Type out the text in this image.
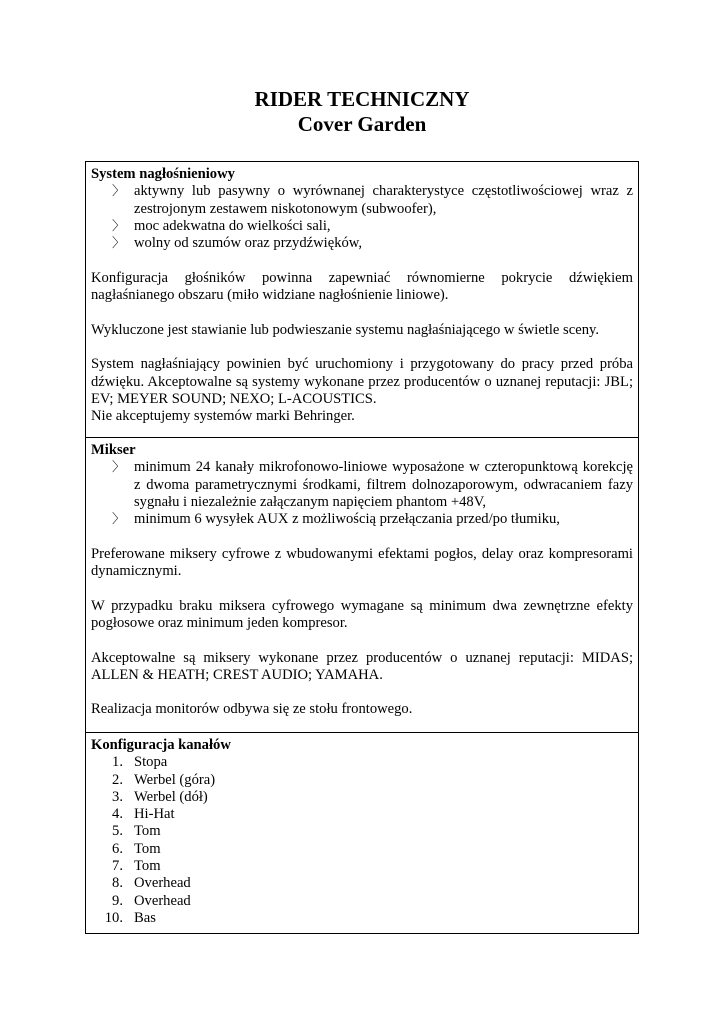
RIDER TECHNICZNY
Cover Garden
System nagłośnieniowy
〉 aktywny lub pasywny o wyrównanej charakterystyce częstotliwościowej wraz z zestrojonym zestawem niskotonowym (subwoofer),
〉 moc adekwatna do wielkości sali,
〉 wolny od szumów oraz przydźwięków,

Konfiguracja głośników powinna zapewniać równomierne pokrycie dźwiękiem nagłaśnianego obszaru (miło widziane nagłośnienie liniowe).

Wykluczone jest stawianie lub podwieszanie systemu nagłaśniającego w świetle sceny.

System nagłaśniający powinien być uruchomiony i przygotowany do pracy przed próba dźwięku. Akceptowalne są systemy wykonane przez producentów o uznanej reputacji: JBL; EV; MEYER SOUND; NEXO; L-ACOUSTICS.

Nie akceptujemy systemów marki Behringer.
Mikser
〉 minimum 24 kanały mikrofonowo-liniowe wyposażone w czteropunktową korekcję z dwoma parametrycznymi środkami, filtrem dolnozaporowym, odwracaniem fazy sygnału i niezależnie załączanym napięciem phantom +48V,
〉 minimum 6 wysyłek AUX z możliwością przełączania przed/po tłumiku,

Preferowane miksery cyfrowe z wbudowanymi efektami pogłos, delay oraz kompresorami dynamicznymi.

W przypadku braku miksera cyfrowego wymagane są minimum dwa zewnętrzne efekty pogłosowe oraz minimum jeden kompresor.

Akceptowalne są miksery wykonane przez producentów o uznanej reputacji: MIDAS; ALLEN & HEATH; CREST AUDIO; YAMAHA.

Realizacja monitorów odbywa się ze stołu frontowego.

Konfiguracja kanałów
1. Stopa
2. Werbel (góra)
3. Werbel (dół)
4. Hi-Hat
5. Tom
6. Tom
7. Tom
8. Overhead
9. Overhead
10. Bas
